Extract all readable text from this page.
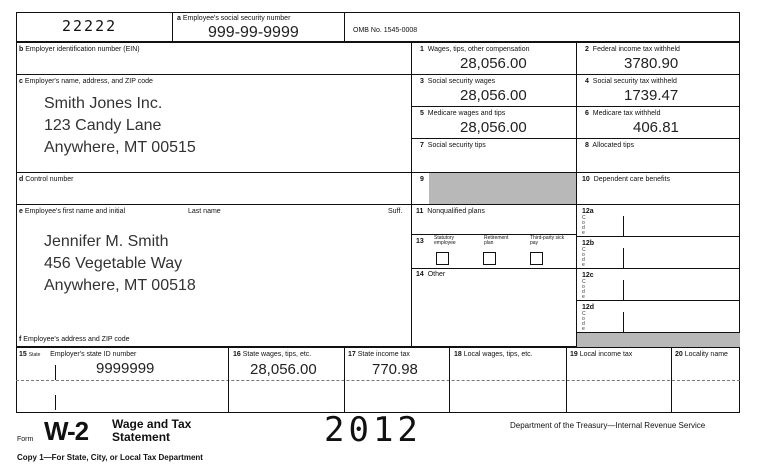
22222	a Employee's social security number
999-99-9999	OMB No. 1545-0008
b Employer identification number (EIN)
c Employer's name, address, and ZIP code
Smith Jones Inc.
123 Candy Lane
Anywhere, MT 00515
d Control number
e Employee's first name and initial	Last name	Suff.
Jennifer M. Smith
456 Vegetable Way
Anywhere, MT 00518
f Employee's address and ZIP code
1 Wages, tips, other compensation
28,056.00
2 Federal income tax withheld
3780.90
3 Social security wages
28,056.00
4 Social security tax withheld
1739.47
5 Medicare wages and tips
28,056.00
6 Medicare tax withheld
406.81
7 Social security tips	8 Allocated tips
9	10 Dependent care benefits
11 Nonqualified plans
13 Statutory employee
Retirement plan
Third-party sick pay
14 Other
12a
Code
12b
Code
12c
Code
12d
Code
15 State Employer's state ID number
9999999
16 State wages, tips, etc.
28,056.00
17 State income tax
770.98
18 Local wages, tips, etc.	19 Local income tax	20 Locality name
Form W-2 Wage and Tax
Statement	2012	Department of the Treasury—Internal Revenue Service
Copy 1—For State, City, or Local Tax Department
